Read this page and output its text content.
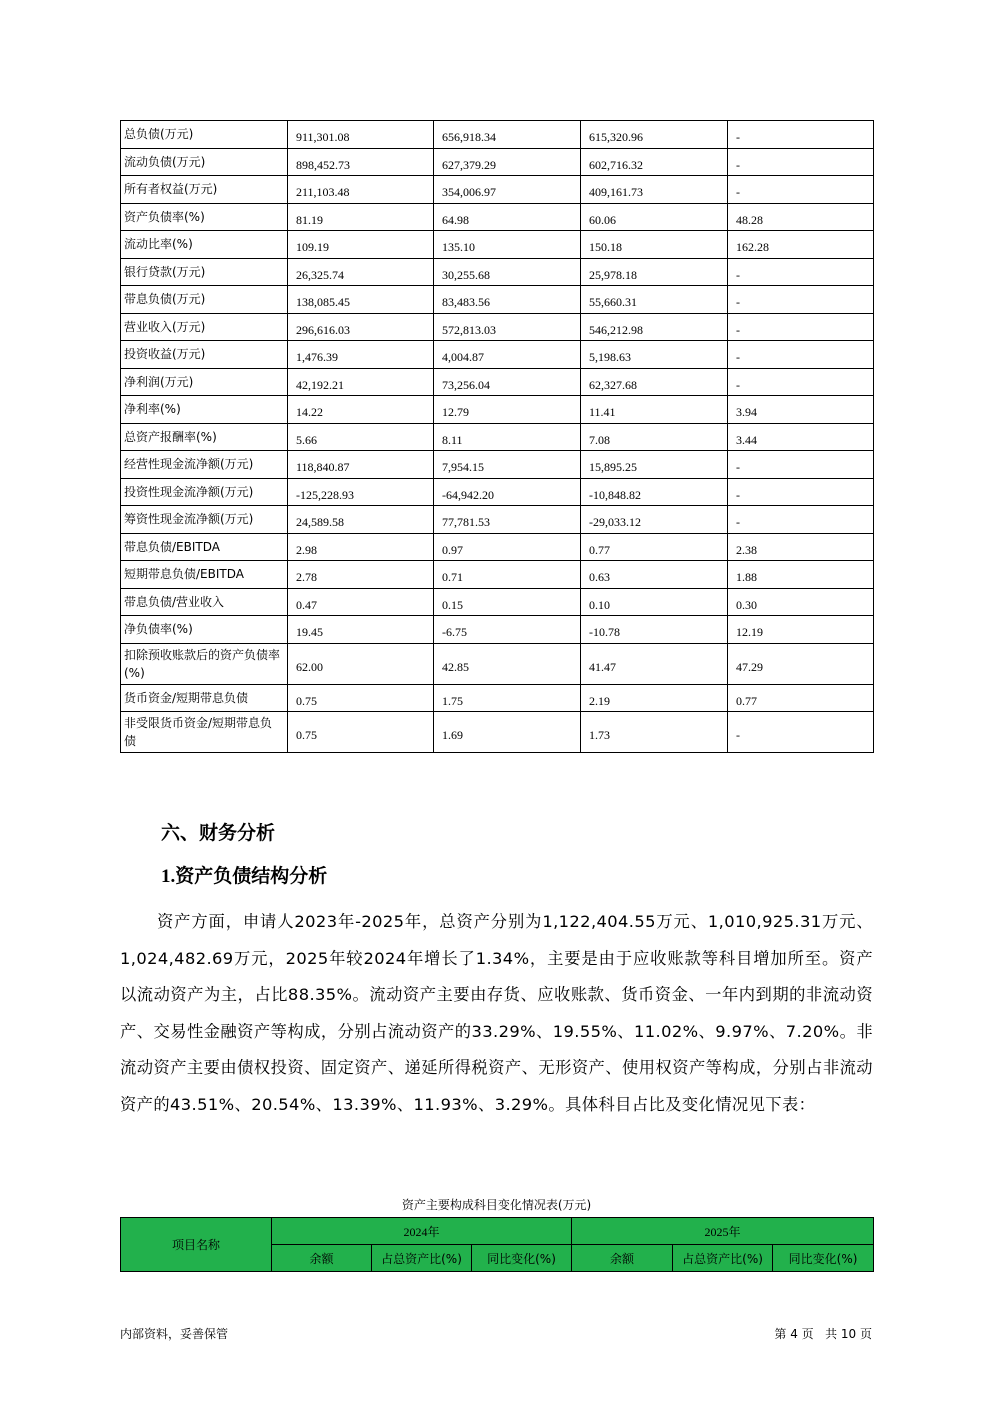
总负债(万元)	911,301.08	656,918.34	615,320.96	-
流动负债(万元)	898,452.73	627,379.29	602,716.32	-
所有者权益(万元)	211,103.48	354,006.97	409,161.73	-
资产负债率(%)	81.19	64.98	60.06	48.28
流动比率(%)	109.19	135.10	150.18	162.28
银行贷款(万元)	26,325.74	30,255.68	25,978.18	-
带息负债(万元)	138,085.45	83,483.56	55,660.31	-
营业收入(万元)	296,616.03	572,813.03	546,212.98	-
投资收益(万元)	1,476.39	4,004.87	5,198.63	-
净利润(万元)	42,192.21	73,256.04	62,327.68	-
净利率(%)	14.22	12.79	11.41	3.94
总资产报酬率(%)	5.66	8.11	7.08	3.44
经营性现金流净额(万元)	118,840.87	7,954.15	15,895.25	-
投资性现金流净额(万元)	-125,228.93	-64,942.20	-10,848.82	-
筹资性现金流净额(万元)	24,589.58	77,781.53	-29,033.12	-
带息负债/EBITDA	2.98	0.97	0.77	2.38
短期带息负债/EBITDA	2.78	0.71	0.63	1.88
带息负债/营业收入	0.47	0.15	0.10	0.30
净负债率(%)	19.45	-6.75	-10.78	12.19
扣除预收账款后的资产负债率(%)	62.00	42.85	41.47	47.29
货币资金/短期带息负债	0.75	1.75	2.19	0.77
非受限货币资金/短期带息负债	0.75	1.69	1.73	-
六、财务分析
1.资产负债结构分析
资产方面，申请人2023年-2025年，总资产分别为1,122,404.55万元、1,010,925.31万元、1,024,482.69万元，2025年较2024年增长了1.34%，主要是由于应收账款等科目增加所至。资产以流动资产为主，占比88.35%。流动资产主要由存货、应收账款、货币资金、一年内到期的非流动资产、交易性金融资产等构成，分别占流动资产的33.29%、19.55%、11.02%、9.97%、7.20%。非流动资产主要由债权投资、固定资产、递延所得税资产、无形资产、使用权资产等构成，分别占非流动资产的43.51%、20.54%、13.39%、11.93%、3.29%。具体科目占比及变化情况见下表：
资产主要构成科目变化情况表(万元)
项目名称	2024年			2025年		
	余额	占总资产比(%)	同比变化(%)	余额	占总资产比(%)	同比变化(%)
内部资料，妥善保管	第 4 页   共 10 页
